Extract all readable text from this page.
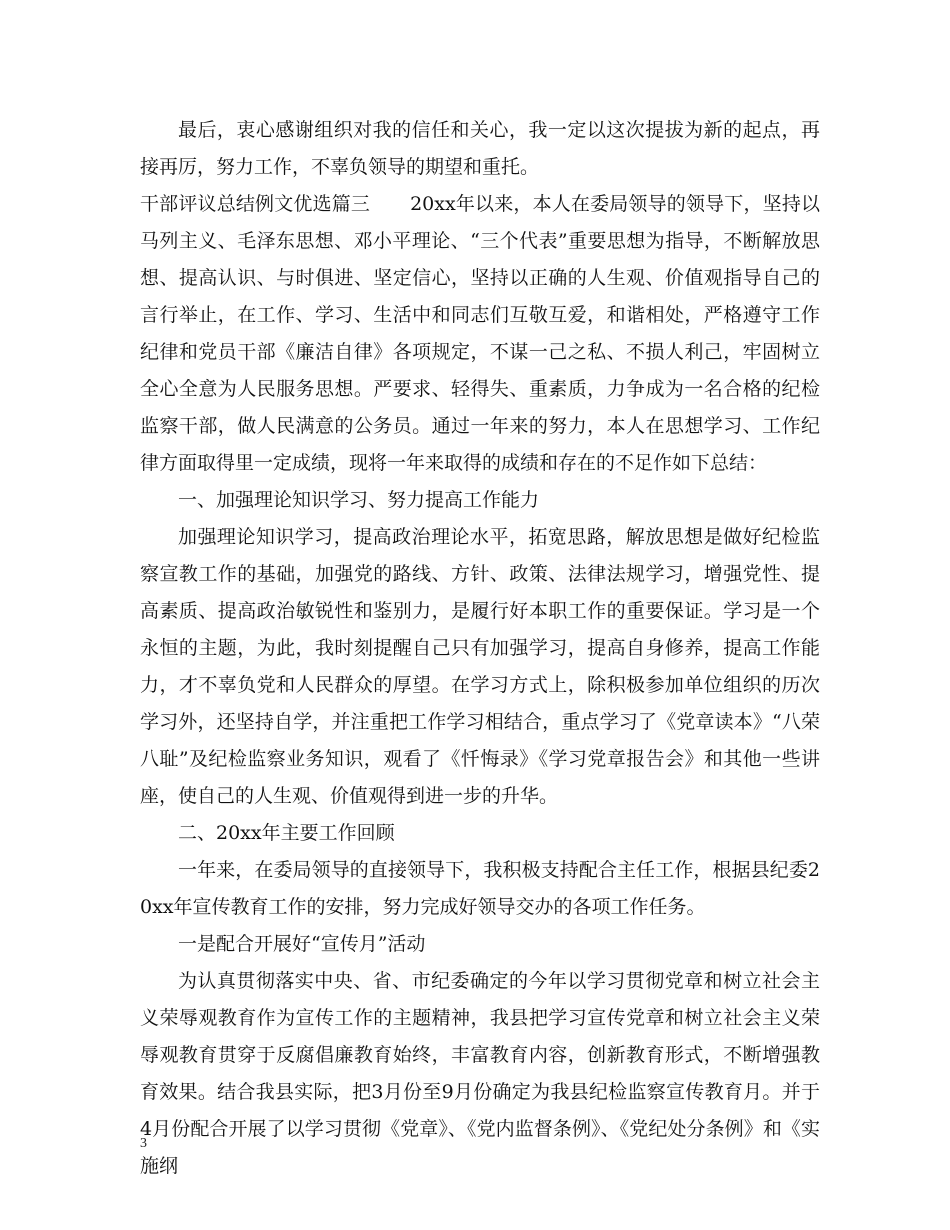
最后，衷心感谢组织对我的信任和关心，我一定以这次提拔为新的起点，再接再厉，努力工作，不辜负领导的期望和重托。

干部评议总结例文优选篇三 20xx年以来，本人在委局领导的领导下，坚持以马列主义、毛泽东思想、邓小平理论、“三个代表”重要思想为指导，不断解放思想、提高认识、与时俱进、坚定信心，坚持以正确的人生观、价值观指导自己的言行举止，在工作、学习、生活中和同志们互敬互爱，和谐相处，严格遵守工作纪律和党员干部《廉洁自律》各项规定，不谋一己之私、不损人利己，牢固树立全心全意为人民服务思想。严要求、轻得失、重素质，力争成为一名合格的纪检监察干部，做人民满意的公务员。通过一年来的努力，本人在思想学习、工作纪律方面取得里一定成绩，现将一年来取得的成绩和存在的不足作如下总结：

一、加强理论知识学习、努力提高工作能力

加强理论知识学习，提高政治理论水平，拓宽思路，解放思想是做好纪检监察宣教工作的基础，加强党的路线、方针、政策、法律法规学习，增强党性、提高素质、提高政治敏锐性和鉴别力，是履行好本职工作的重要保证。学习是一个永恒的主题，为此，我时刻提醒自己只有加强学习，提高自身修养，提高工作能力，才不辜负党和人民群众的厚望。在学习方式上，除积极参加单位组织的历次学习外，还坚持自学，并注重把工作学习相结合，重点学习了《党章读本》“八荣八耻”及纪检监察业务知识，观看了《忏悔录》《学习党章报告会》和其他一些讲座，使自己的人生观、价值观得到进一步的升华。

二、20xx年主要工作回顾

一年来，在委局领导的直接领导下，我积极支持配合主任工作，根据县纪委20xx年宣传教育工作的安排，努力完成好领导交办的各项工作任务。

一是配合开展好“宣传月”活动

为认真贯彻落实中央、省、市纪委确定的今年以学习贯彻党章和树立社会主义荣辱观教育作为宣传工作的主题精神，我县把学习宣传党章和树立社会主义荣辱观教育贯穿于反腐倡廉教育始终，丰富教育内容，创新教育形式，不断增强教育效果。结合我县实际，把3月份至9月份确定为我县纪检监察宣传教育月。并于4月份配合开展了以学习贯彻《党章》、《党内监督条例》、《党纪处分条例》和《实施纲

3
